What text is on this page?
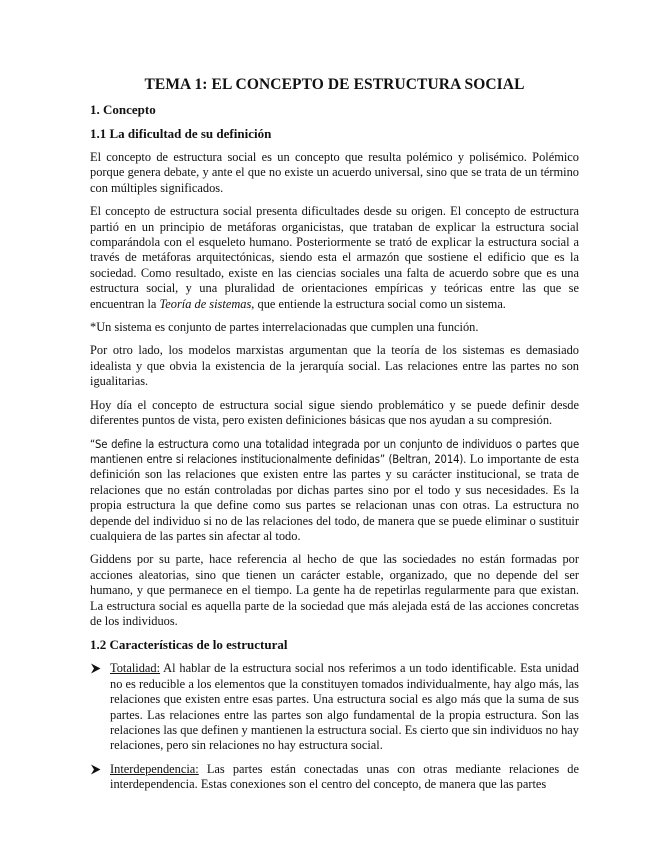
TEMA 1: EL CONCEPTO DE ESTRUCTURA SOCIAL
1. Concepto
1.1 La dificultad de su definición

El concepto de estructura social es un concepto que resulta polémico y polisémico. Polémico porque genera debate, y ante el que no existe un acuerdo universal, sino que se trata de un término con múltiples significados.

El concepto de estructura social presenta dificultades desde su origen. El concepto de estructura partió en un principio de metáforas organicistas, que trataban de explicar la estructura social comparándola con el esqueleto humano. Posteriormente se trató de explicar la estructura social a través de metáforas arquitectónicas, siendo esta el armazón que sostiene el edificio que es la sociedad. Como resultado, existe en las ciencias sociales una falta de acuerdo sobre que es una estructura social, y una pluralidad de orientaciones empíricas y teóricas entre las que se encuentran la Teoría de sistemas, que entiende la estructura social como un sistema.

*Un sistema es conjunto de partes interrelacionadas que cumplen una función.

Por otro lado, los modelos marxistas argumentan que la teoría de los sistemas es demasiado idealista y que obvia la existencia de la jerarquía social. Las relaciones entre las partes no son igualitarias.

Hoy día el concepto de estructura social sigue siendo problemático y se puede definir desde diferentes puntos de vista, pero existen definiciones básicas que nos ayudan a su compresión.

“Se define la estructura como una totalidad integrada por un conjunto de individuos o partes que mantienen entre si relaciones institucionalmente definidas” (Beltran, 2014). Lo importante de esta definición son las relaciones que existen entre las partes y su carácter institucional, se trata de relaciones que no están controladas por dichas partes sino por el todo y sus necesidades. Es la propia estructura la que define como sus partes se relacionan unas con otras. La estructura no depende del individuo si no de las relaciones del todo, de manera que se puede eliminar o sustituir cualquiera de las partes sin afectar al todo.

Giddens por su parte, hace referencia al hecho de que las sociedades no están formadas por acciones aleatorias, sino que tienen un carácter estable, organizado, que no depende del ser humano, y que permanece en el tiempo. La gente ha de repetirlas regularmente para que existan. La estructura social es aquella parte de la sociedad que más alejada está de las acciones concretas de los individuos.

1.2 Características de lo estructural
Totalidad: Al hablar de la estructura social nos referimos a un todo identificable. Esta unidad no es reducible a los elementos que la constituyen tomados individualmente, hay algo más, las relaciones que existen entre esas partes. Una estructura social es algo más que la suma de sus partes. Las relaciones entre las partes son algo fundamental de la propia estructura. Son las relaciones las que definen y mantienen la estructura social. Es cierto que sin individuos no hay relaciones, pero sin relaciones no hay estructura social.
Interdependencia: Las partes están conectadas unas con otras mediante relaciones de interdependencia. Estas conexiones son el centro del concepto, de manera que las partes
